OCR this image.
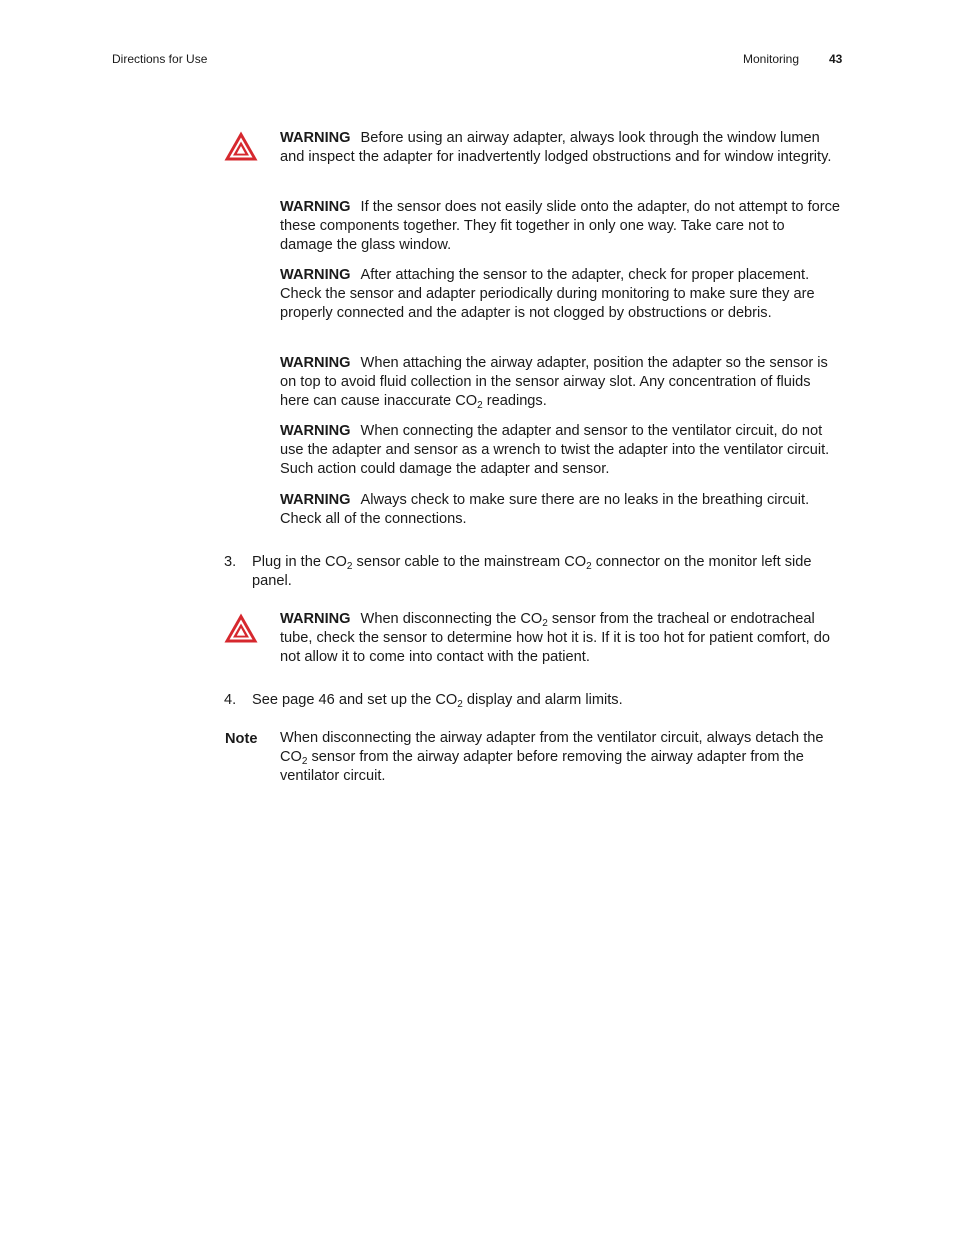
Directions for Use	Monitoring 43
WARNING Before using an airway adapter, always look through the window lumen and inspect the adapter for inadvertently lodged obstructions and for window integrity.
WARNING If the sensor does not easily slide onto the adapter, do not attempt to force these components together. They fit together in only one way. Take care not to damage the glass window.
WARNING After attaching the sensor to the adapter, check for proper placement. Check the sensor and adapter periodically during monitoring to make sure they are properly connected and the adapter is not clogged by obstructions or debris.
WARNING When attaching the airway adapter, position the adapter so the sensor is on top to avoid fluid collection in the sensor airway slot. Any concentration of fluids here can cause inaccurate $CO_2$ readings.
WARNING When connecting the adapter and sensor to the ventilator circuit, do not use the adapter and sensor as a wrench to twist the adapter into the ventilator circuit. Such action could damage the adapter and sensor.
WARNING Always check to make sure there are no leaks in the breathing circuit. Check all of the connections.
3. Plug in the $CO_2$ sensor cable to the mainstream $CO_2$ connector on the monitor left side panel.
WARNING When disconnecting the $CO_2$ sensor from the tracheal or endotracheal tube, check the sensor to determine how hot it is. If it is too hot for patient comfort, do not allow it to come into contact with the patient.
4. See page 46 and set up the $CO_2$ display and alarm limits.
Note When disconnecting the airway adapter from the ventilator circuit, always detach the $CO_2$ sensor from the airway adapter before removing the airway adapter from the ventilator circuit.
